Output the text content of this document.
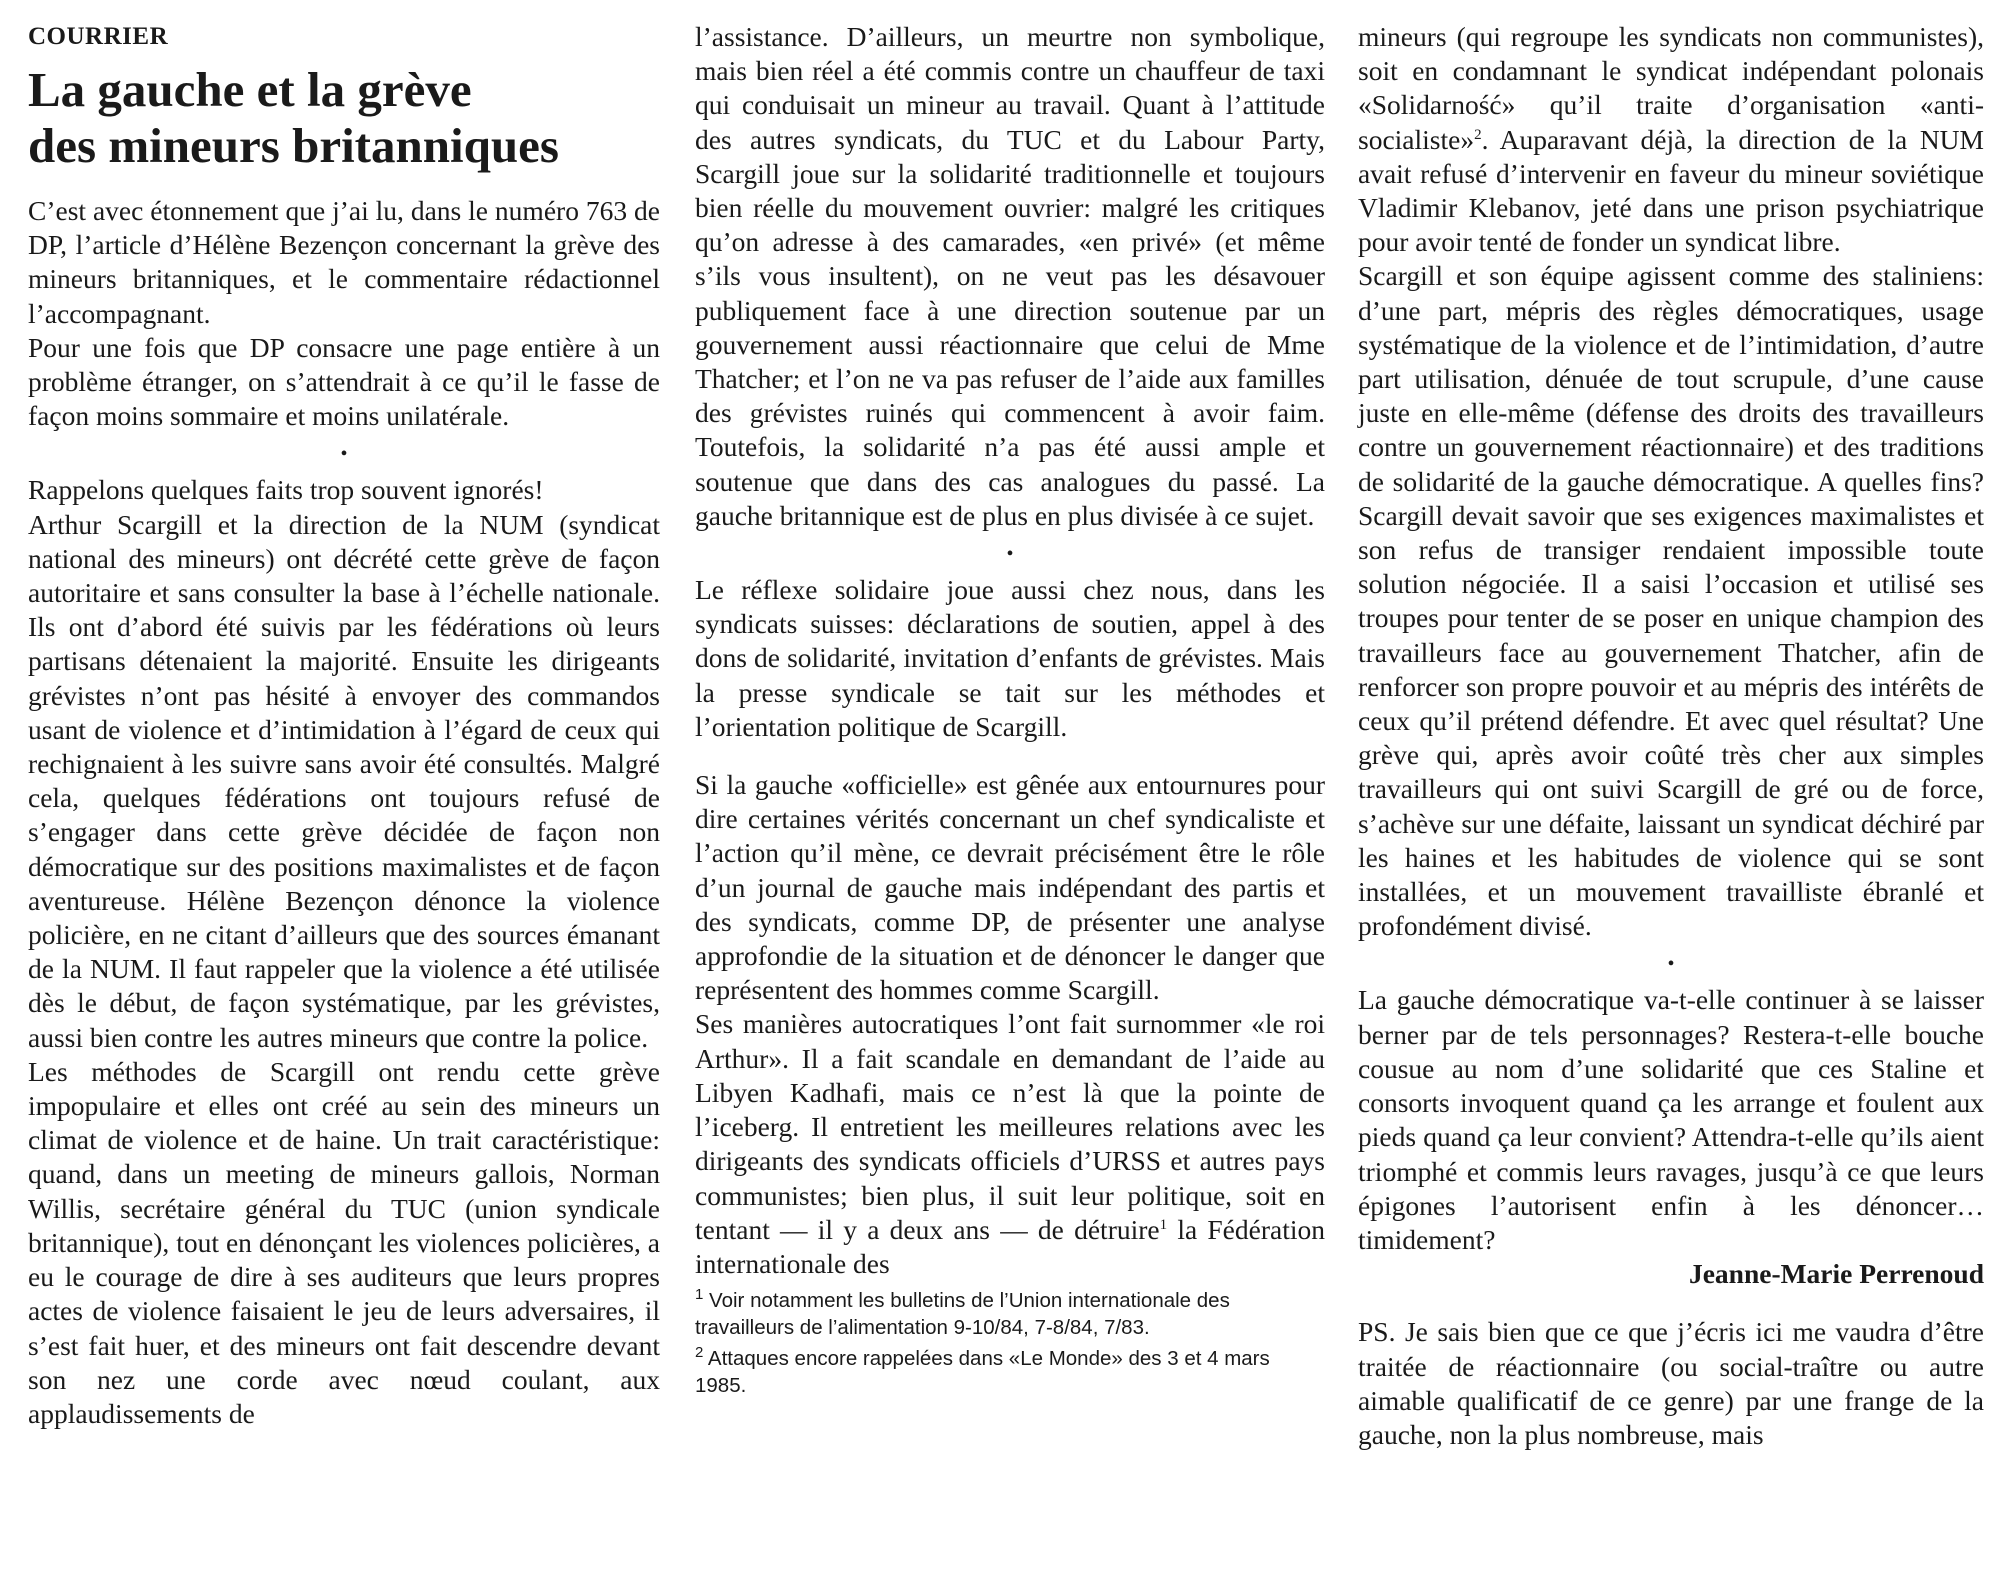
COURRIER
La gauche et la grève
des mineurs britanniques

C’est avec étonnement que j’ai lu, dans le numéro 763 de DP, l’article d’Hélène Bezençon concernant la grève des mineurs britanniques, et le commentaire rédactionnel l’accompagnant.

Pour une fois que DP consacre une page entière à un problème étranger, on s’attendrait à ce qu’il le fasse de façon moins sommaire et moins unilatérale.

•

Rappelons quelques faits trop souvent ignorés!

Arthur Scargill et la direction de la NUM (syndicat national des mineurs) ont décrété cette grève de façon autoritaire et sans consulter la base à l’échelle nationale. Ils ont d’abord été suivis par les fédérations où leurs partisans détenaient la majorité. Ensuite les dirigeants grévistes n’ont pas hésité à envoyer des commandos usant de violence et d’intimidation à l’égard de ceux qui rechignaient à les suivre sans avoir été consultés. Malgré cela, quelques fédérations ont toujours refusé de s’engager dans cette grève décidée de façon non démocratique sur des positions maximalistes et de façon aventureuse. Hélène Bezençon dénonce la violence policière, en ne citant d’ailleurs que des sources émanant de la NUM. Il faut rappeler que la violence a été utilisée dès le début, de façon systématique, par les grévistes, aussi bien contre les autres mineurs que contre la police.

Les méthodes de Scargill ont rendu cette grève impopulaire et elles ont créé au sein des mineurs un climat de violence et de haine. Un trait caractéristique: quand, dans un meeting de mineurs gallois, Norman Willis, secrétaire général du TUC (union syndicale britannique), tout en dénonçant les violences policières, a eu le courage de dire à ses auditeurs que leurs propres actes de violence faisaient le jeu de leurs adversaires, il s’est fait huer, et des mineurs ont fait descendre devant son nez une corde avec nœud coulant, aux applaudissements de

l’assistance. D’ailleurs, un meurtre non symbolique, mais bien réel a été commis contre un chauffeur de taxi qui conduisait un mineur au travail. Quant à l’attitude des autres syndicats, du TUC et du Labour Party, Scargill joue sur la solidarité traditionnelle et toujours bien réelle du mouvement ouvrier: malgré les critiques qu’on adresse à des camarades, «en privé» (et même s’ils vous insultent), on ne veut pas les désavouer publiquement face à une direction soutenue par un gouvernement aussi réactionnaire que celui de Mme Thatcher; et l’on ne va pas refuser de l’aide aux familles des grévistes ruinés qui commencent à avoir faim. Toutefois, la solidarité n’a pas été aussi ample et soutenue que dans des cas analogues du passé. La gauche britannique est de plus en plus divisée à ce sujet.

•

Le réflexe solidaire joue aussi chez nous, dans les syndicats suisses: déclarations de soutien, appel à des dons de solidarité, invitation d’enfants de grévistes. Mais la presse syndicale se tait sur les méthodes et l’orientation politique de Scargill.

Si la gauche «officielle» est gênée aux entournures pour dire certaines vérités concernant un chef syndicaliste et l’action qu’il mène, ce devrait précisément être le rôle d’un journal de gauche mais indépendant des partis et des syndicats, comme DP, de présenter une analyse approfondie de la situation et de dénoncer le danger que représentent des hommes comme Scargill.

Ses manières autocratiques l’ont fait surnommer «le roi Arthur». Il a fait scandale en demandant de l’aide au Libyen Kadhafi, mais ce n’est là que la pointe de l’iceberg. Il entretient les meilleures relations avec les dirigeants des syndicats officiels d’URSS et autres pays communistes; bien plus, il suit leur politique, soit en tentant — il y a deux ans — de détruire$^1$ la Fédération internationale des

$^1$ Voir notamment les bulletins de l’Union internationale des travailleurs de l’alimentation 9-10/84, 7-8/84, 7/83.

$^2$ Attaques encore rappelées dans «Le Monde» des 3 et 4 mars 1985.

mineurs (qui regroupe les syndicats non communistes), soit en condamnant le syndicat indépendant polonais «Solidarność» qu’il traite d’organisation «anti-socialiste»$^2$. Auparavant déjà, la direction de la NUM avait refusé d’intervenir en faveur du mineur soviétique Vladimir Klebanov, jeté dans une prison psychiatrique pour avoir tenté de fonder un syndicat libre.

Scargill et son équipe agissent comme des staliniens: d’une part, mépris des règles démocratiques, usage systématique de la violence et de l’intimidation, d’autre part utilisation, dénuée de tout scrupule, d’une cause juste en elle-même (défense des droits des travailleurs contre un gouvernement réactionnaire) et des traditions de solidarité de la gauche démocratique. A quelles fins? Scargill devait savoir que ses exigences maximalistes et son refus de transiger rendaient impossible toute solution négociée. Il a saisi l’occasion et utilisé ses troupes pour tenter de se poser en unique champion des travailleurs face au gouvernement Thatcher, afin de renforcer son propre pouvoir et au mépris des intérêts de ceux qu’il prétend défendre. Et avec quel résultat? Une grève qui, après avoir coûté très cher aux simples travailleurs qui ont suivi Scargill de gré ou de force, s’achève sur une défaite, laissant un syndicat déchiré par les haines et les habitudes de violence qui se sont installées, et un mouvement travailliste ébranlé et profondément divisé.

•

La gauche démocratique va-t-elle continuer à se laisser berner par de tels personnages? Restera-t-elle bouche cousue au nom d’une solidarité que ces Staline et consorts invoquent quand ça les arrange et foulent aux pieds quand ça leur convient? Attendra-t-elle qu’ils aient triomphé et commis leurs ravages, jusqu’à ce que leurs épigones l’autorisent enfin à les dénoncer… timidement?

Jeanne-Marie Perrenoud

PS. Je sais bien que ce que j’écris ici me vaudra d’être traitée de réactionnaire (ou social-traître ou autre aimable qualificatif de ce genre) par une frange de la gauche, non la plus nombreuse, mais
